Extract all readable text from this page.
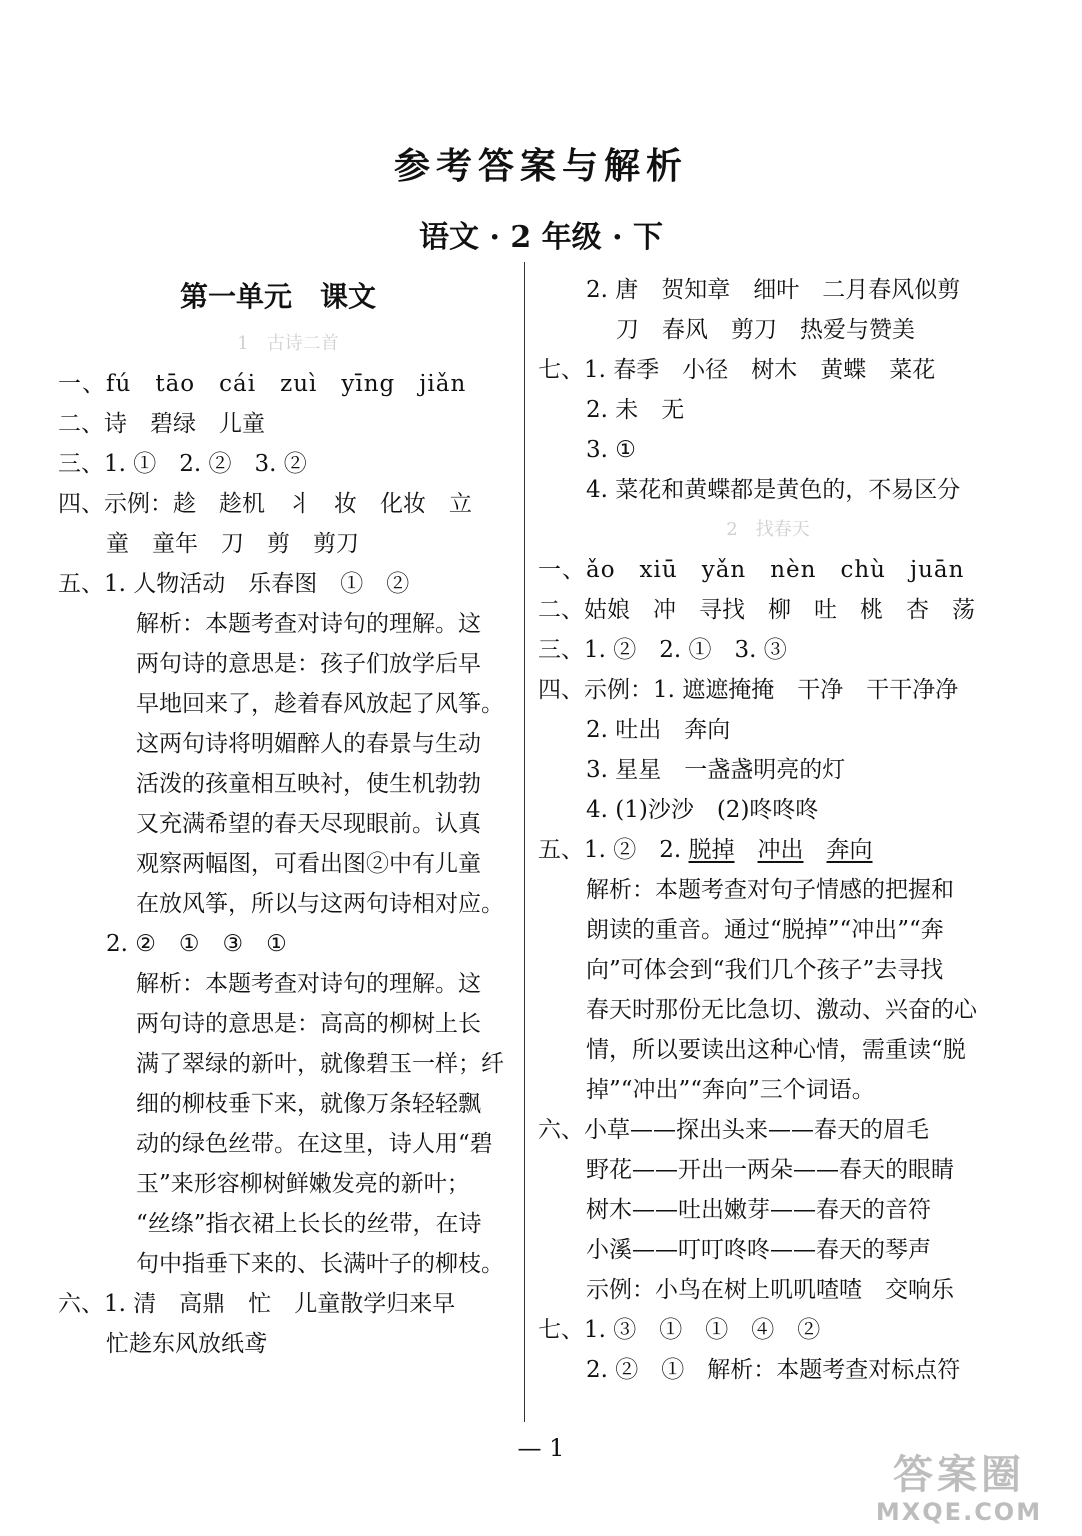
参考答案与解析
语文 · 2 年级 · 下
第一单元　课文
1　古诗二首
一、fú　tāo　cái　zuì　yīng　jiǎn
二、诗　碧绿　儿童
三、1. ①　2. ②　3. ②
四、示例：趁　趁机　丬　妆　化妆　立
童　童年　刀　剪　剪刀
五、1. 人物活动　乐春图　①　②
解析：本题考查对诗句的理解。这
两句诗的意思是：孩子们放学后早
早地回来了，趁着春风放起了风筝。
这两句诗将明媚醉人的春景与生动
活泼的孩童相互映衬，使生机勃勃
又充满希望的春天尽现眼前。认真
观察两幅图，可看出图②中有儿童
在放风筝，所以与这两句诗相对应。
2. ②　①　③　①
解析：本题考查对诗句的理解。这
两句诗的意思是：高高的柳树上长
满了翠绿的新叶，就像碧玉一样；纤
细的柳枝垂下来，就像万条轻轻飘
动的绿色丝带。在这里，诗人用“碧
玉”来形容柳树鲜嫩发亮的新叶；
“丝绦”指衣裙上长长的丝带，在诗
句中指垂下来的、长满叶子的柳枝。
六、1. 清　高鼎　忙　儿童散学归来早
忙趁东风放纸鸢
2. 唐　贺知章　细叶　二月春风似剪
刀　春风　剪刀　热爱与赞美
七、1. 春季　小径　树木　黄蝶　菜花
2. 未　无
3. ①
4. 菜花和黄蝶都是黄色的，不易区分
2　找春天
一、ǎo　xiū　yǎn　nèn　chù　juān
二、姑娘　冲　寻找　柳　吐　桃　杏　荡
三、1. ②　2. ①　3. ③
四、示例：1. 遮遮掩掩　干净　干干净净
2. 吐出　奔向
3. 星星　一盏盏明亮的灯
4. (1)沙沙　(2)咚咚咚
五、1. ②　2. 脱掉　 冲出　 奔向
解析：本题考查对句子情感的把握和
朗读的重音。通过“脱掉”“冲出”“奔
向”可体会到“我们几个孩子”去寻找
春天时那份无比急切、激动、兴奋的心
情，所以要读出这种心情，需重读“脱
掉”“冲出”“奔向”三个词语。
六、小草——探出头来——春天的眉毛
野花——开出一两朵——春天的眼睛
树木——吐出嫩芽——春天的音符
小溪——叮叮咚咚——春天的琴声
示例：小鸟在树上叽叽喳喳　交响乐
七、1. ③　①　①　④　②
2. ②　①　解析：本题考查对标点符
— 1
答案圈
MXQE.COM
